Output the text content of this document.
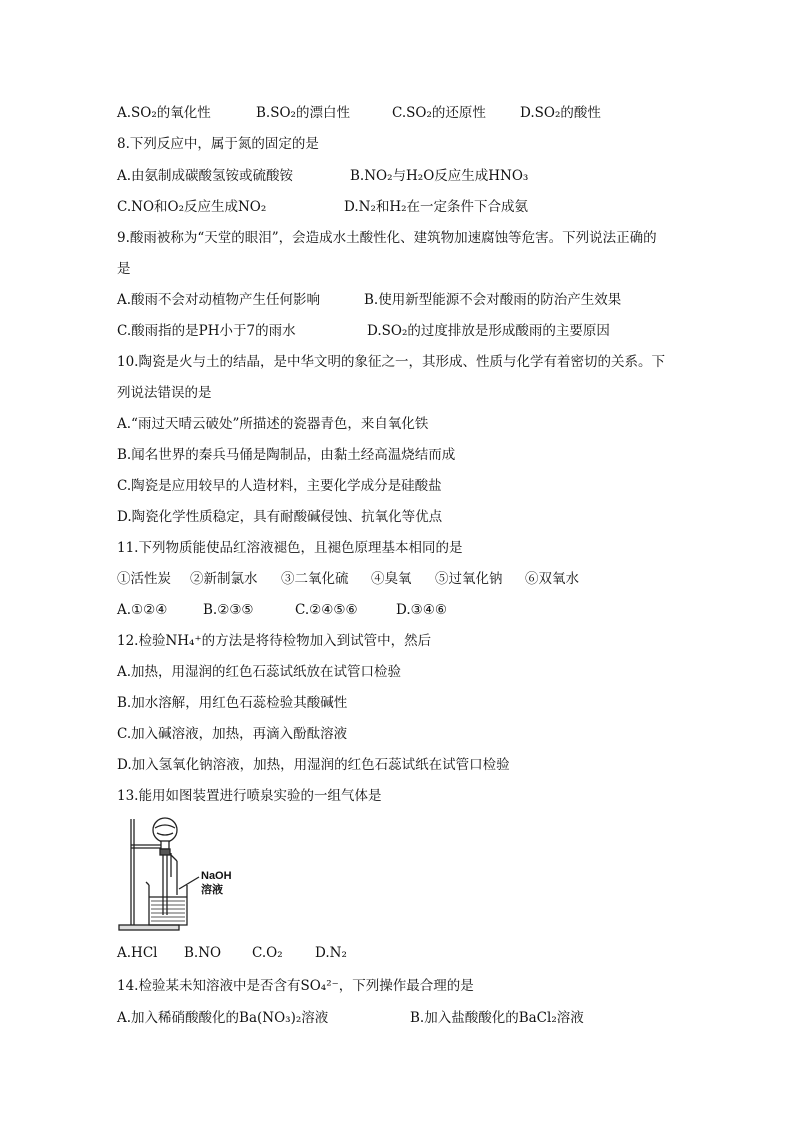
A.SO₂的氧化性	B.SO₂的漂白性	C.SO₂的还原性	D.SO₂的酸性
8.下列反应中，属于氮的固定的是
A.由氨制成碳酸氢铵或硫酸铵	B.NO₂与H₂O反应生成HNO₃
C.NO和O₂反应生成NO₂	D.N₂和H₂在一定条件下合成氨
9.酸雨被称为“天堂的眼泪”，会造成水土酸性化、建筑物加速腐蚀等危害。下列说法正确的
是
A.酸雨不会对动植物产生任何影响	B.使用新型能源不会对酸雨的防治产生效果
C.酸雨指的是PH小于7的雨水	D.SO₂的过度排放是形成酸雨的主要原因
10.陶瓷是火与土的结晶，是中华文明的象征之一，其形成、性质与化学有着密切的关系。下
列说法错误的是
A.“雨过天晴云破处”所描述的瓷器青色，来自氧化铁
B.闻名世界的秦兵马俑是陶制品，由黏土经高温烧结而成
C.陶瓷是应用较早的人造材料，主要化学成分是硅酸盐
D.陶瓷化学性质稳定，具有耐酸碱侵蚀、抗氧化等优点
11.下列物质能使品红溶液褪色，且褪色原理基本相同的是
①活性炭 ②新制氯水 ③二氧化硫 ④臭氧 ⑤过氧化钠 ⑥双氧水
A.①②④	B.②③⑤	C.②④⑤⑥	D.③④⑥
12.检验NH₄⁺的方法是将待检物加入到试管中，然后
A.加热，用湿润的红色石蕊试纸放在试管口检验
B.加水溶解，用红色石蕊检验其酸碱性
C.加入碱溶液，加热，再滴入酚酞溶液
D.加入氢氧化钠溶液，加热，用湿润的红色石蕊试纸在试管口检验
13.能用如图装置进行喷泉实验的一组气体是
NaOH
溶液
A.HCl B.NO C.O₂ D.N₂
14.检验某未知溶液中是否含有SO₄²⁻，下列操作最合理的是
A.加入稀硝酸酸化的Ba(NO₃)₂溶液	B.加入盐酸酸化的BaCl₂溶液
